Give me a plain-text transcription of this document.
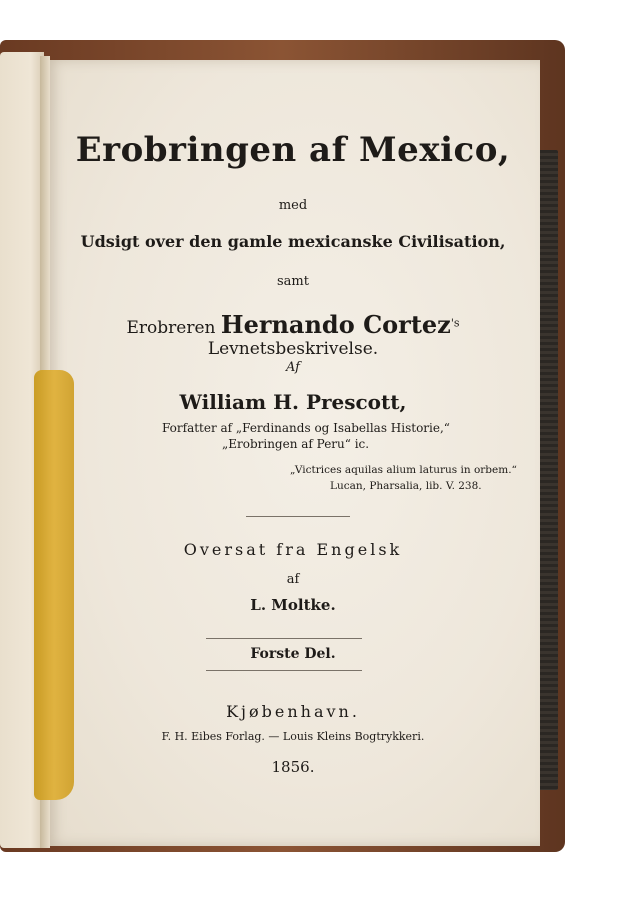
Erobringen af Mexico,
med
Udsigt over den gamle mexicanske Civilisation,
samt
Erobreren Hernando Cortez$^{'s}$ Levnetsbeskrivelse.
Af
William H. Prescott,
Forfatter af „Ferdinands og Isabellas Historie,“
„Erobringen af Peru“ ic.
„Victrices aquilas alium laturus in orbem.“
Lucan, Pharsalia, lib. V. 238.
Oversat fra Engelsk
af
L. Moltke.
Forste Del.
Kjøbenhavn.
F. H. Eibes Forlag. — Louis Kleins Bogtrykkeri.
1856.
